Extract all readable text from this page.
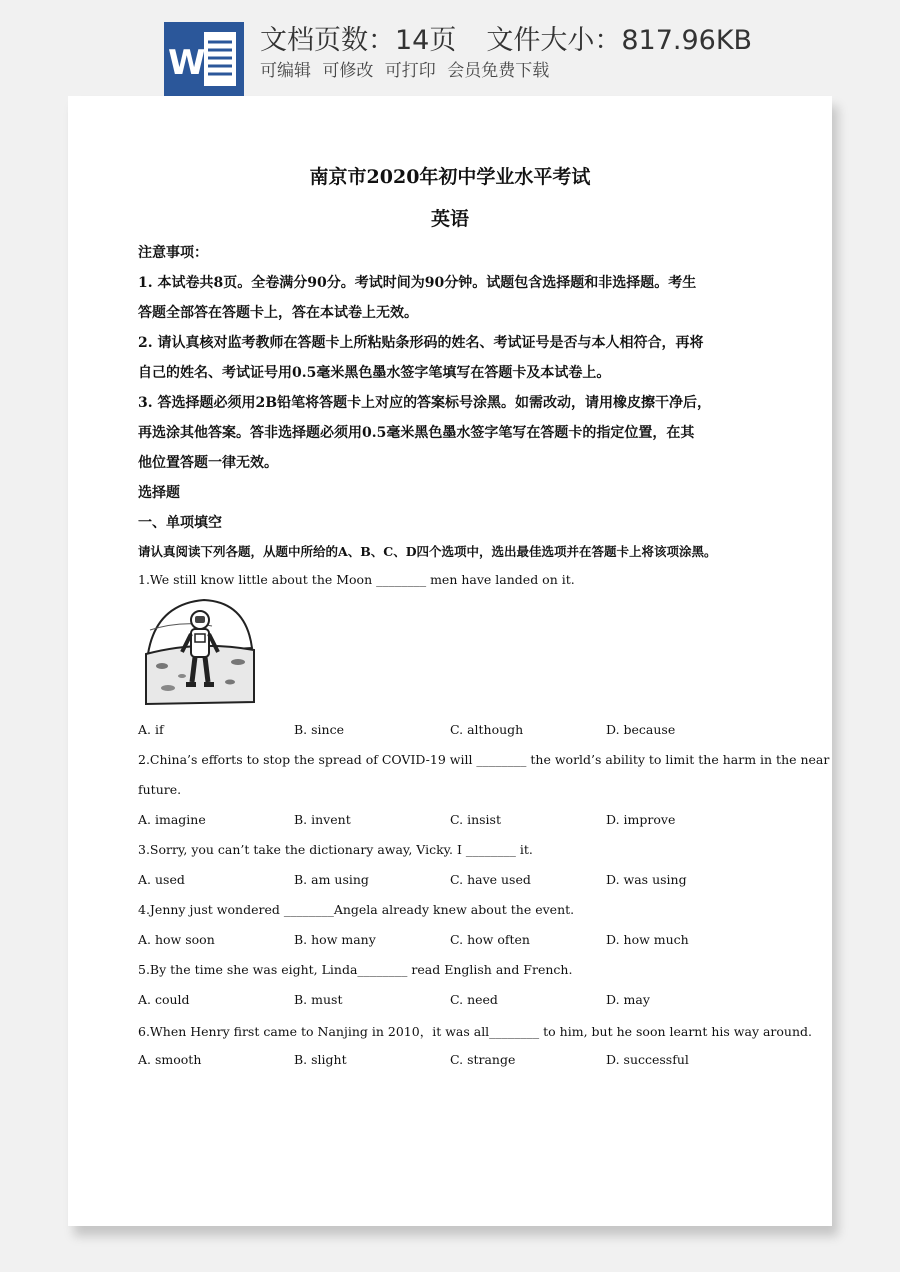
W
文档页数：14页 文件大小：817.96KB
可编辑 可修改 可打印 会员免费下载
南京市2020年初中学业水平考试
英语
注意事项：
1. 本试卷共8页。全卷满分90分。考试时间为90分钟。试题包含选择题和非选择题。考生
答题全部答在答题卡上，答在本试卷上无效。
2. 请认真核对监考教师在答题卡上所粘贴条形码的姓名、考试证号是否与本人相符合，再将
自己的姓名、考试证号用0.5毫米黑色墨水签字笔填写在答题卡及本试卷上。
3. 答选择题必须用2B铅笔将答题卡上对应的答案标号涂黑。如需改动，请用橡皮擦干净后，
再选涂其他答案。答非选择题必须用0.5毫米黑色墨水签字笔写在答题卡的指定位置，在其
他位置答题一律无效。
选择题
一、单项填空
请认真阅读下列各题，从题中所给的A、B、C、D四个选项中，选出最佳选项并在答题卡上将该项涂黑。
1.We still know little about the Moon ________ men have landed on it.
A. if	B. since	C. although	D. because
2.China’s efforts to stop the spread of COVID-19 will ________ the world’s ability to limit the harm in the near
future.
A. imagine	B. invent	C. insist	D. improve
3.Sorry, you can’t take the dictionary away, Vicky. I ________ it.
A. used	B. am using	C. have used	D. was using
4.Jenny just wondered ________Angela already knew about the event.
A. how soon	B. how many	C. how often	D. how much
5.By the time she was eight, Linda________ read English and French.
A. could	B. must	C. need	D. may
6.When Henry first came to Nanjing in 2010，it was all________ to him, but he soon learnt his way around.
A. smooth	B. slight	C. strange	D. successful
